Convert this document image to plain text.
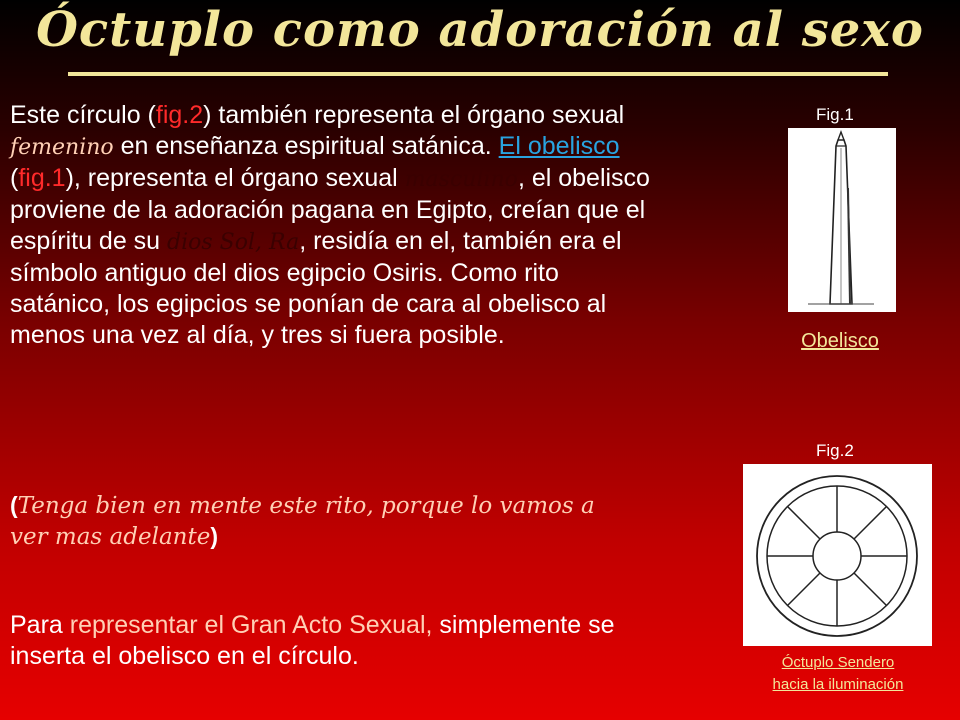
Óctuplo como adoración al sexo

Este círculo (fig.2) también representa el órgano sexual femenino en enseñanza espiritual satánica. El obelisco (fig.1), representa el órgano sexual masculino, el obelisco proviene de la adoración pagana en Egipto, creían que el espíritu de su dios Sol, Ra, residía en el, también era el símbolo antiguo del dios egipcio Osiris. Como rito satánico, los egipcios se ponían de cara al obelisco al menos una vez al día, y tres si fuera posible.

(Tenga bien en mente este rito, porque lo vamos a ver mas adelante)
Para representar el Gran Acto Sexual, simplemente se inserta el obelisco en el círculo.
Fig.1
Obelisco
Fig.2
Óctuplo Sendero
hacia la iluminación
